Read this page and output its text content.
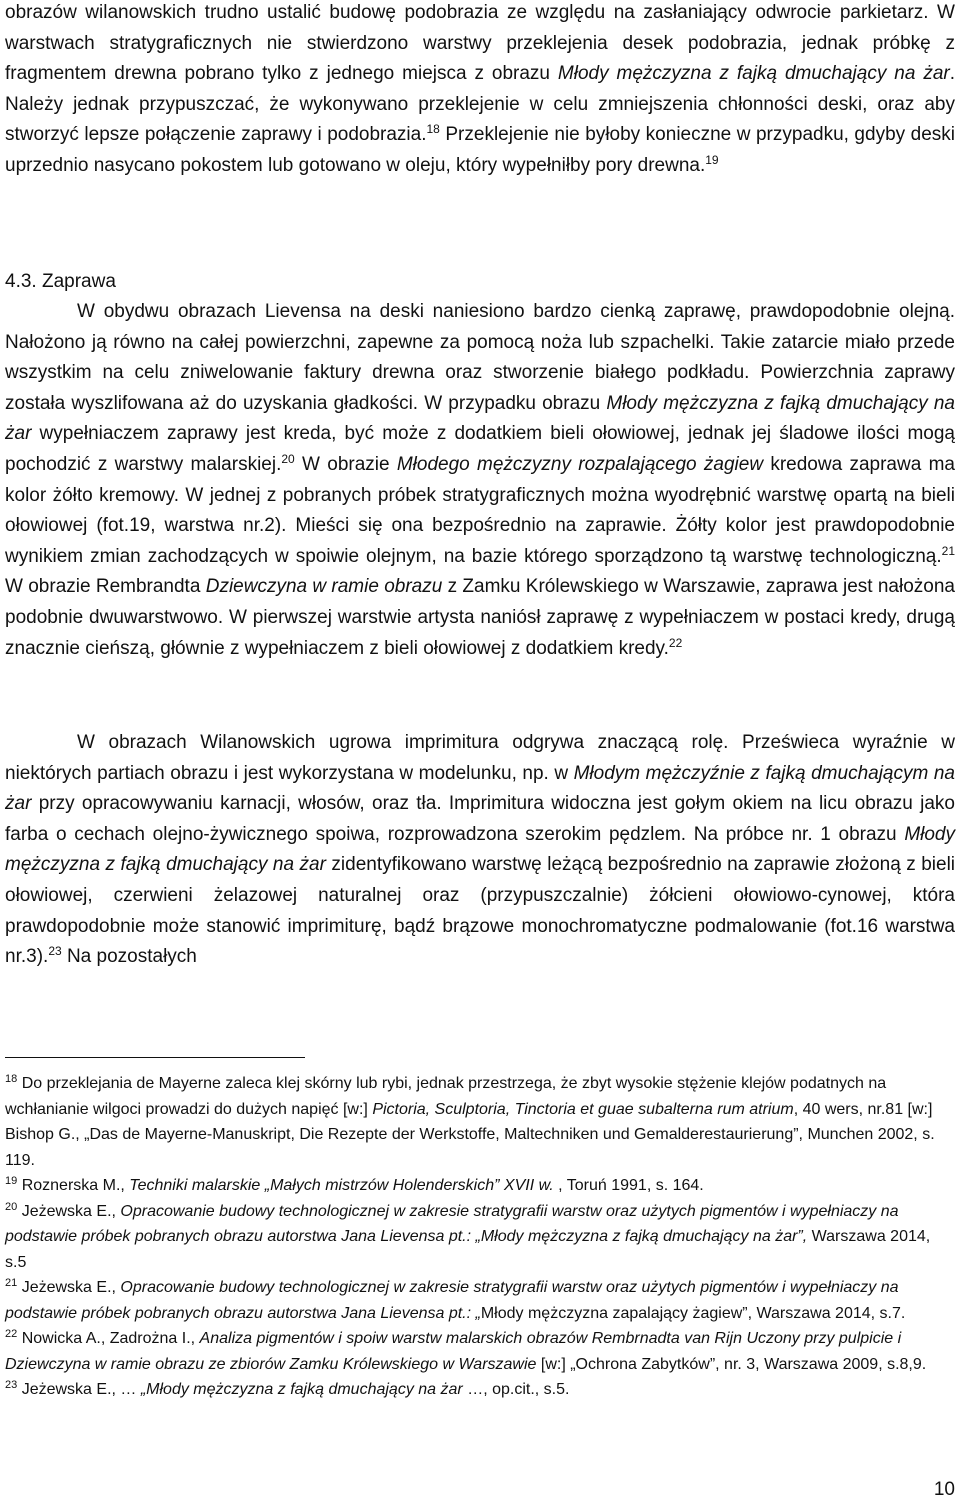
obrazów wilanowskich trudno ustalić budowę podobrazia ze względu na zasłaniający odwrocie parkietarz. W warstwach stratygraficznych nie stwierdzono warstwy przeklejenia desek podobrazia, jednak próbkę z fragmentem drewna pobrano tylko z jednego miejsca z obrazu Młody mężczyzna z fajką dmuchający na żar. Należy jednak przypuszczać, że wykonywano przeklejenie w celu zmniejszenia chłonności deski, oraz aby stworzyć lepsze połączenie zaprawy i podobrazia.$^{18}$ Przeklejenie nie byłoby konieczne w przypadku, gdyby deski uprzednio nasycano pokostem lub gotowano w oleju, który wypełniłby pory drewna.$^{19}$

4.3. Zaprawa

W obydwu obrazach Lievensa na deski naniesiono bardzo cienką zaprawę, prawdopodobnie olejną. Nałożono ją równo na całej powierzchni, zapewne za pomocą noża lub szpachelki. Takie zatarcie miało przede wszystkim na celu zniwelowanie faktury drewna oraz stworzenie białego podkładu. Powierzchnia zaprawy została wyszlifowana aż do uzyskania gładkości. W przypadku obrazu Młody mężczyzna z fajką dmuchający na żar wypełniaczem zaprawy jest kreda, być może z dodatkiem bieli ołowiowej, jednak jej śladowe ilości mogą pochodzić z warstwy malarskiej.$^{20}$ W obrazie Młodego mężczyzny rozpalającego żagiew kredowa zaprawa ma kolor żółto kremowy. W jednej z pobranych próbek stratygraficznych można wyodrębnić warstwę opartą na bieli ołowiowej (fot.19, warstwa nr.2). Mieści się ona bezpośrednio na zaprawie. Żółty kolor jest prawdopodobnie wynikiem zmian zachodzących w spoiwie olejnym, na bazie którego sporządzono tą warstwę technologiczną.$^{21}$ W obrazie Rembrandta Dziewczyna w ramie obrazu z Zamku Królewskiego w Warszawie, zaprawa jest nałożona podobnie dwuwarstwowo. W pierwszej warstwie artysta naniósł zaprawę z wypełniaczem w postaci kredy, drugą znacznie cieńszą, głównie z wypełniaczem z bieli ołowiowej z dodatkiem kredy.$^{22}$

W obrazach Wilanowskich ugrowa imprimitura odgrywa znaczącą rolę. Prześwieca wyraźnie w niektórych partiach obrazu i jest wykorzystana w modelunku, np. w Młodym mężczyźnie z fajką dmuchającym na żar przy opracowywaniu karnacji, włosów, oraz tła. Imprimitura widoczna jest gołym okiem na licu obrazu jako farba o cechach olejno-żywicznego spoiwa, rozprowadzona szerokim pędzlem. Na próbce nr. 1 obrazu Młody mężczyzna z fajką dmuchający na żar zidentyfikowano warstwę leżącą bezpośrednio na zaprawie złożoną z bieli ołowiowej, czerwieni żelazowej naturalnej oraz (przypuszczalnie) żółcieni ołowiowo-cynowej, która prawdopodobnie może stanowić imprimiturę, bądź brązowe monochromatyczne podmalowanie (fot.16 warstwa nr.3).$^{23}$ Na pozostałych

$^{18}$ Do przeklejania de Mayerne zaleca klej skórny lub rybi, jednak przestrzega, że zbyt wysokie stężenie klejów podatnych na wchłanianie wilgoci prowadzi do dużych napięć [w:] Pictoria, Sculptoria, Tinctoria et guae subalterna rum atrium, 40 wers, nr.81 [w:] Bishop G., „Das de Mayerne-Manuskript, Die Rezepte der Werkstoffe, Maltechniken und Gemalderestaurierung”, Munchen 2002, s. 119.

$^{19}$ Roznerska M., Techniki malarskie „Małych mistrzów Holenderskich” XVII w. , Toruń 1991, s. 164.

$^{20}$ Jeżewska E., Opracowanie budowy technologicznej w zakresie stratygrafii warstw oraz użytych pigmentów i wypełniaczy na podstawie próbek pobranych obrazu autorstwa Jana Lievensa pt.: „Młody mężczyzna z fajką dmuchający na żar”, Warszawa 2014, s.5

$^{21}$ Jeżewska E., Opracowanie budowy technologicznej w zakresie stratygrafii warstw oraz użytych pigmentów i wypełniaczy na podstawie próbek pobranych obrazu autorstwa Jana Lievensa pt.: „Młody mężczyzna zapalający żagiew”, Warszawa 2014, s.7.

$^{22}$ Nowicka A., Zadrożna I., Analiza pigmentów i spoiw warstw malarskich obrazów Rembrnadta van Rijn Uczony przy pulpicie i Dziewczyna w ramie obrazu ze zbiorów Zamku Królewskiego w Warszawie [w:] „Ochrona Zabytków”, nr. 3, Warszawa 2009, s.8,9.

$^{23}$ Jeżewska E., … „Młody mężczyzna z fajką dmuchający na żar …, op.cit., s.5.

10
